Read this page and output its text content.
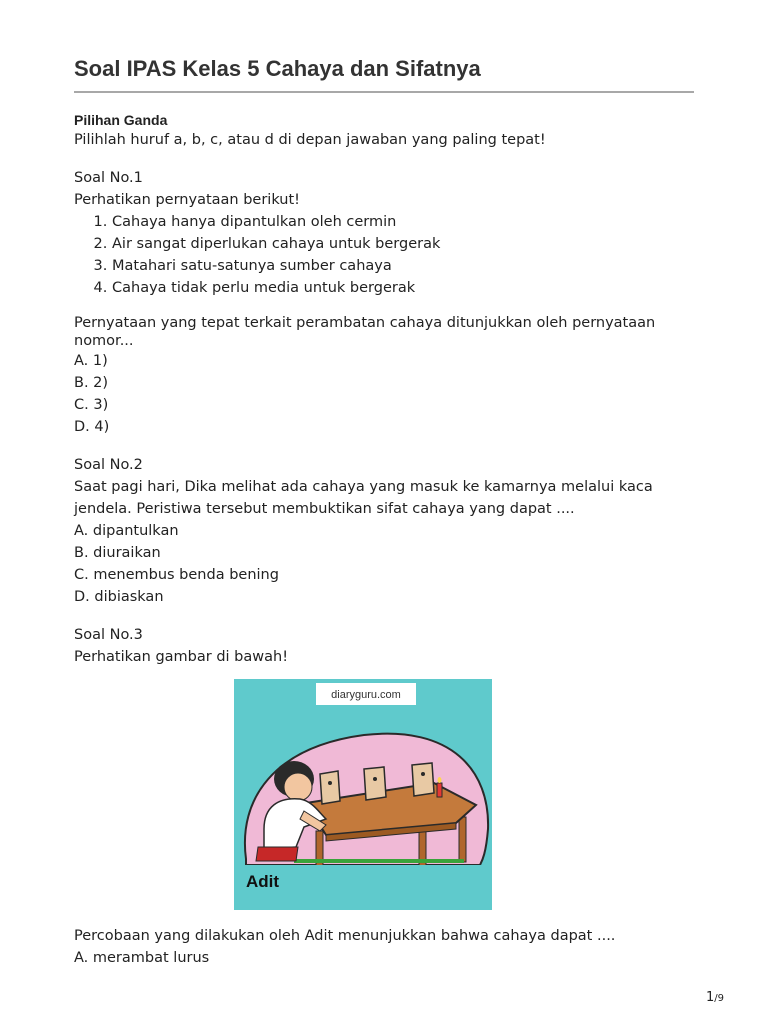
Soal IPAS Kelas 5 Cahaya dan Sifatnya
Pilihan Ganda

Pilihlah huruf a, b, c, atau d di depan jawaban yang paling tepat!

Soal No.1

Perhatikan pernyataan berikut!

1. Cahaya hanya dipantulkan oleh cermin
2. Air sangat diperlukan cahaya untuk bergerak
3. Matahari satu-satunya sumber cahaya
4. Cahaya tidak perlu media untuk bergerak

Pernyataan yang tepat terkait perambatan cahaya ditunjukkan oleh pernyataan nomor...

A. 1)

B. 2)

C. 3)

D. 4)

Soal No.2

Saat pagi hari, Dika melihat ada cahaya yang masuk ke kamarnya melalui kaca jendela. Peristiwa tersebut membuktikan sifat cahaya yang dapat ....

A. dipantulkan

B. diuraikan

C. menembus benda bening

D. dibiaskan

Soal No.3

Perhatikan gambar di bawah!

diaryguru.com
Adit

Percobaan yang dilakukan oleh Adit menunjukkan bahwa cahaya dapat ....

A. merambat lurus

1/9
